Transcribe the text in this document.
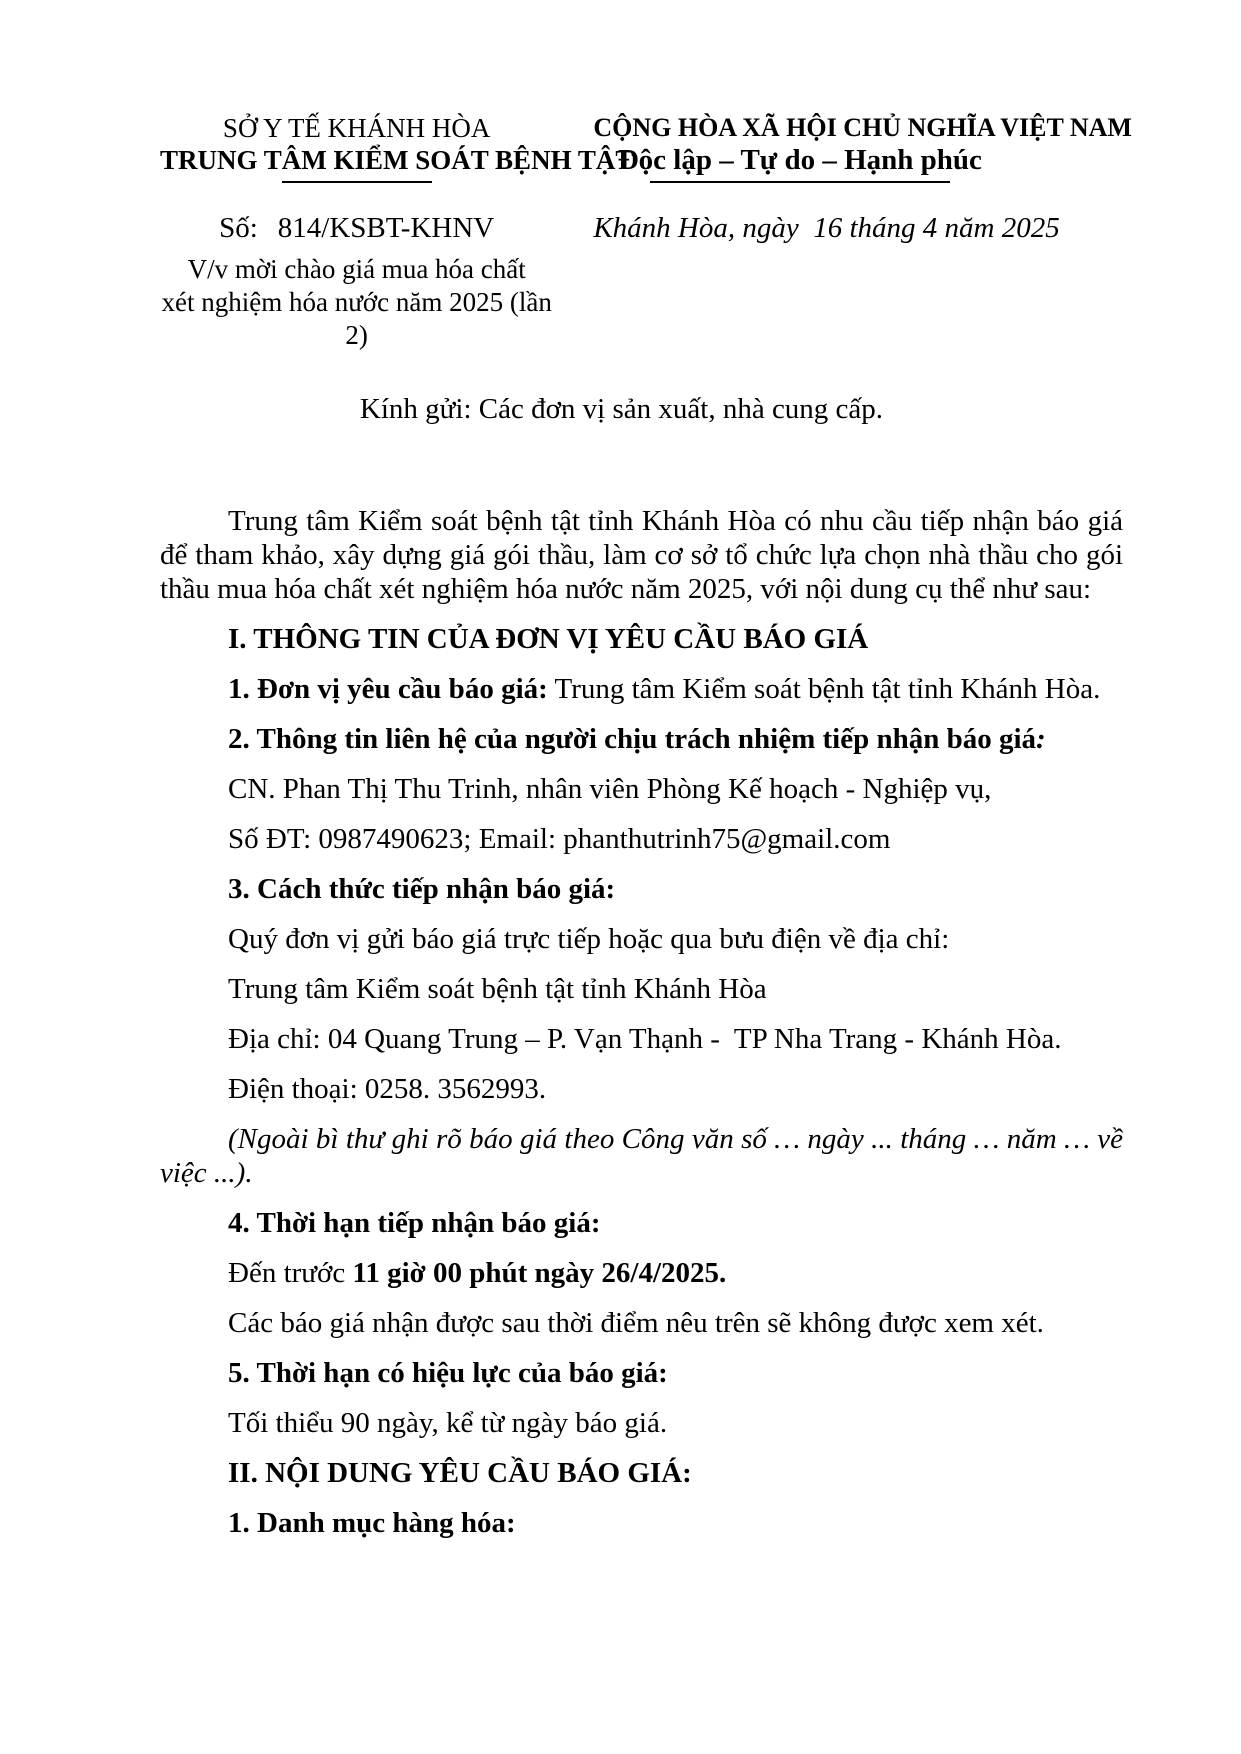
SỞ Y TẾ KHÁNH HÒA
TRUNG TÂM KIỂM SOÁT BỆNH TẬT
CỘNG HÒA XÃ HỘI CHỦ NGHĨA VIỆT NAM
Độc lập – Tự do – Hạnh phúc
Số: 814/KSBT-KHNV	Khánh Hòa, ngày  16 tháng 4 năm 2025
V/v mời chào giá mua hóa chất
xét nghiệm hóa nước năm 2025 (lần 2)
Kính gửi: Các đơn vị sản xuất, nhà cung cấp.

Trung tâm Kiểm soát bệnh tật tỉnh Khánh Hòa có nhu cầu tiếp nhận báo giá để tham khảo, xây dựng giá gói thầu, làm cơ sở tổ chức lựa chọn nhà thầu cho gói thầu mua hóa chất xét nghiệm hóa nước năm 2025, với nội dung cụ thể như sau:

I. THÔNG TIN CỦA ĐƠN VỊ YÊU CẦU BÁO GIÁ

1. Đơn vị yêu cầu báo giá: Trung tâm Kiểm soát bệnh tật tỉnh Khánh Hòa.

2. Thông tin liên hệ của người chịu trách nhiệm tiếp nhận báo giá:

CN. Phan Thị Thu Trinh, nhân viên Phòng Kế hoạch - Nghiệp vụ,

Số ĐT: 0987490623; Email: phanthutrinh75@gmail.com

3. Cách thức tiếp nhận báo giá:

Quý đơn vị gửi báo giá trực tiếp hoặc qua bưu điện về địa chỉ:

Trung tâm Kiểm soát bệnh tật tỉnh Khánh Hòa

Địa chỉ: 04 Quang Trung – P. Vạn Thạnh -  TP Nha Trang - Khánh Hòa.

Điện thoại: 0258. 3562993.

(Ngoài bì thư ghi rõ báo giá theo Công văn số … ngày ... tháng … năm … về việc ...).

4. Thời hạn tiếp nhận báo giá:

Đến trước 11 giờ 00 phút ngày 26/4/2025.

Các báo giá nhận được sau thời điểm nêu trên sẽ không được xem xét.

5. Thời hạn có hiệu lực của báo giá:

Tối thiểu 90 ngày, kể từ ngày báo giá.

II. NỘI DUNG YÊU CẦU BÁO GIÁ:

1. Danh mục hàng hóa:
